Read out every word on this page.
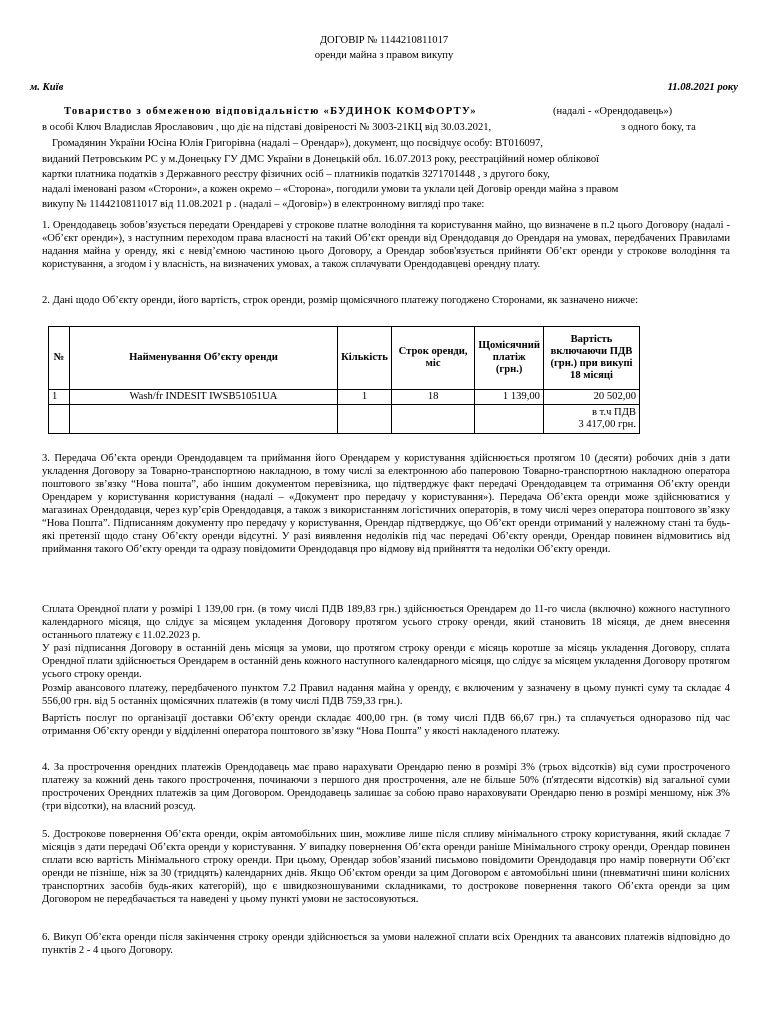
ДОГОВІР № 1144210811017
оренди майна з правом викупу
м. Київ	11.08.2021 року
Товариство з обмеженою відповідальністю «БУДИНОК КОМФОРТУ»	(надалі - «Орендодавець»)
в особі Ключ Владислав Ярославович , що діє на підставі довіреності № 3003-21КЦ від 30.03.2021,	з одного боку, та
Громадянин України Юсіна Юлія Григорівна (надалі – Орендар»), документ, що посвідчує особу: ВТ016097,
виданий Петровським РС у м.Донецьку ГУ ДМС України в Донецькій обл. 16.07.2013 року, реєстраційний номер облікової
картки платника податків з Державного реєстру фізичних осіб – платників податків 3271701448 , з другого боку,
надалі іменовані разом «Сторони», а кожен окремо – «Сторона», погодили умови та уклали цей Договір оренди майна з правом
викупу № 1144210811017 від 11.08.2021 р . (надалі – «Договір») в електронному вигляді про таке:

1. Орендодавець зобов’язується передати Орендареві у строкове платне володіння та користування майно, що визначене в п.2 цього Договору (надалі - «Об’єкт оренди»), з наступним переходом права власності на такий Об’єкт оренди від Орендодавця до Орендаря на умовах, передбачених Правилами надання майна у оренду, які є невід’ємною частиною цього Договору, а Орендар зобов'язується прийняти Об’єкт оренди у строкове володіння та користування, а згодом і у власність, на визначених умовах, а також сплачувати Орендодавцеві орендну плату.

2. Дані щодо Об’єкту оренди, його вартість, строк оренди, розмір щомісячного платежу погоджено Сторонами, як зазначено нижче:

№	Найменування Об’єкту оренди	Кількість	Строк оренди, міс	Щомісячний платіж (грн.)	Вартість включаючи ПДВ (грн.) при викупі 18 місяці
1	Wash/fr INDESIT IWSB51051UA	1	18	1 139,00	20 502,00

					в т.ч ПДВ
3 417,00 грн.

3. Передача Об’єкта оренди Орендодавцем та приймання його Орендарем у користування здійснюється протягом 10 (десяти) робочих днів з дати укладення Договору за Товарно-транспортною накладною, в тому числі за електронною або паперовою Товарно-транспортною накладною оператора поштового зв’язку “Нова пошта”, або іншим документом перевізника, що підтверджує факт передачі Орендодавцем та отримання Об’єкту оренди Орендарем у користування користування (надалі – «Документ про передачу у користування»). Передача Об’єкта оренди може здійснюватися у магазинах Орендодавця, через кур’єрів Орендодавця, а також з використанням логістичних операторів, в тому числі через оператора поштового зв’язку “Нова Пошта”. Підписанням документу про передачу у користування, Орендар підтверджує, що Об’єкт оренди отриманий у належному стані та будь-які претензії щодо стану Об’єкту оренди відсутні. У разі виявлення недоліків під час передачі Об’єкту оренди, Орендар повинен відмовитись від приймання такого Об’єкту оренди та одразу повідомити Орендодавця про відмову від прийняття та недоліки Об’єкту оренди.

Сплата Орендної плати у розмірі 1 139,00 грн. (в тому числі ПДВ 189,83 грн.) здійснюється Орендарем до 11-го числа (включно) кожного наступного календарного місяця, що слідує за місяцем укладення Договору протягом усього строку оренди, який становить 18 місяця, де днем внесення останнього платежу є 11.02.2023 р.

У разі підписання Договору в останній день місяця за умови, що протягом строку оренди є місяць коротше за місяць укладення Договору, сплата Орендної плати здійснюється Орендарем в останній день кожного наступного календарного місяця, що слідує за місяцем укладення Договору протягом усього строку оренди.

Розмір авансового платежу, передбаченого пунктом 7.2 Правил надання майна у оренду, є включеним у зазначену в цьому пункті суму та складає 4 556,00 грн. від 5 останніх щомісячних платежів (в тому числі ПДВ 759,33 грн.).

Вартість послуг по організації доставки Об’єкту оренди складає 400,00 грн. (в тому числі ПДВ 66,67 грн.) та сплачується одноразово під час отримання Об’єкту оренди у відділенні оператора поштового зв’язку “Нова Пошта” у якості накладеного платежу.

4. За прострочення орендних платежів Орендодавець має право нарахувати Орендарю пеню в розмірі 3% (трьох відсотків) від суми простроченого платежу за кожний день такого прострочення, починаючи з першого дня прострочення, але не більше 50% (п'ятдесяти відсотків) від загальної суми прострочених Орендних платежів за цим Договором. Орендодавець залишає за собою право нараховувати Орендарю пеню в розмірі меншому, ніж 3% (три відсотки), на власний розсуд.

5. Дострокове повернення Об’єкта оренди, окрім автомобільних шин, можливе лише після спливу мінімального строку користування, який складає 7 місяців з дати передачі Об’єкта оренди у користування. У випадку повернення Об’єкта оренди раніше Мінімального строку оренди, Орендар повинен сплати всю вартість Мінімального строку оренди. При цьому, Орендар зобов’язаний письмово повідомити Орендодавця про намір повернути Об’єкт оренди не пізніше, ніж за 30 (тридцять) календарних днів. Якщо Об’єктом оренди за цим Договором є автомобільні шини (пневматичні шини колісних транспортних засобів будь-яких категорій), що є швидкозношуваними складниками, то дострокове повернення такого Об’єкта оренди за цим Договором не передбачається та наведені у цьому пункті умови не застосовуються.

6. Викуп Об’єкта оренди після закінчення строку оренди здійснюється за умови належної сплати всіх Орендних та авансових платежів відповідно до пунктів 2 - 4 цього Договору.
